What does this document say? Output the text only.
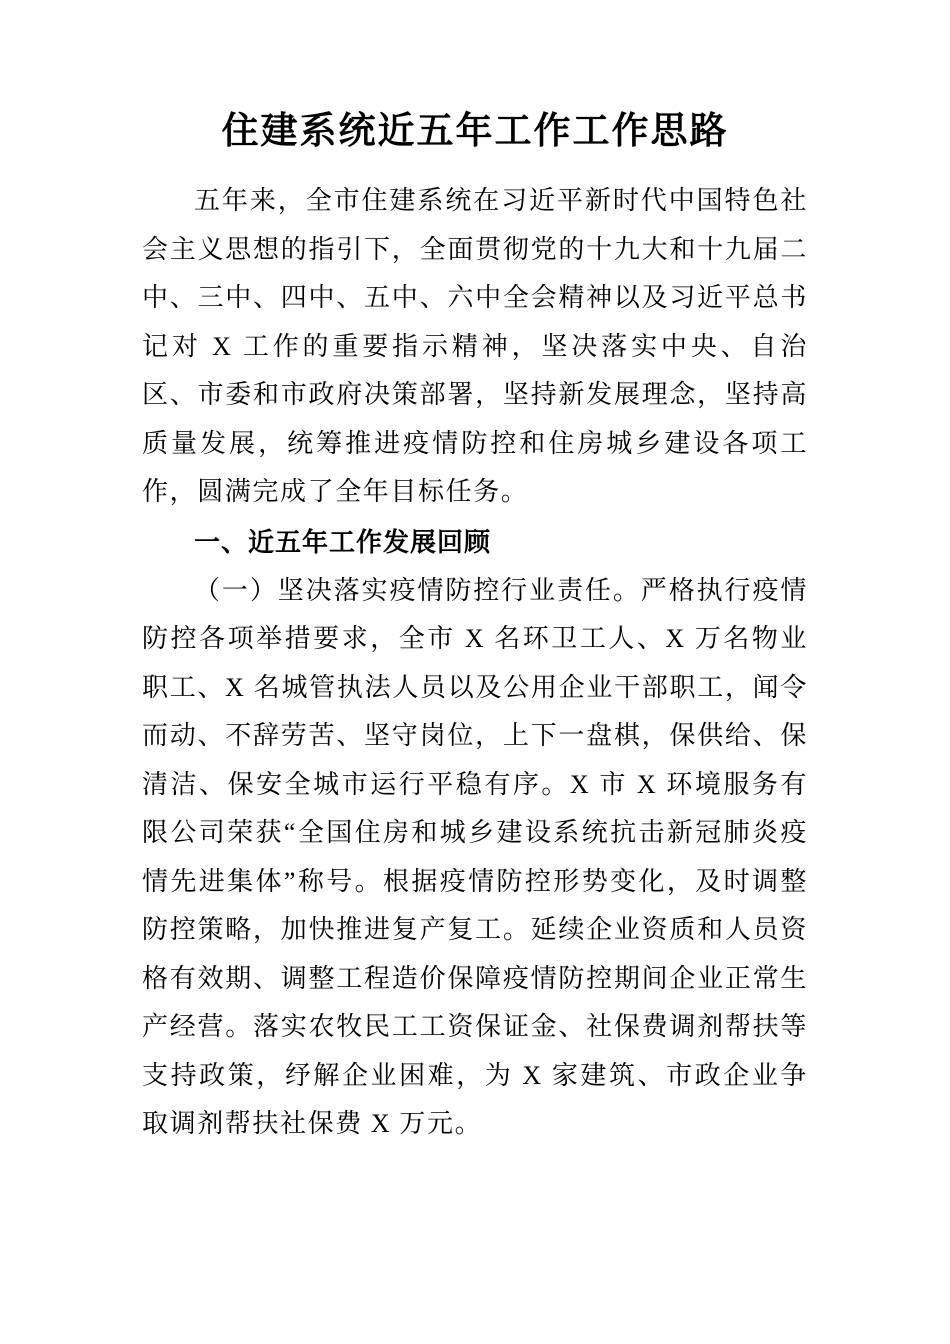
住建系统近五年工作工作思路

五年来，全市住建系统在习近平新时代中国特色社会主义思想的指引下，全面贯彻党的十九大和十九届二中、三中、四中、五中、六中全会精神以及习近平总书记对 X 工作的重要指示精神，坚决落实中央、自治区、市委和市政府决策部署，坚持新发展理念，坚持高质量发展，统筹推进疫情防控和住房城乡建设各项工作，圆满完成了全年目标任务。

一、近五年工作发展回顾

（一）坚决落实疫情防控行业责任。严格执行疫情防控各项举措要求，全市 X 名环卫工人、X 万名物业职工、X 名城管执法人员以及公用企业干部职工，闻令而动、不辞劳苦、坚守岗位，上下一盘棋，保供给、保清洁、保安全城市运行平稳有序。X 市 X 环境服务有限公司荣获“全国住房和城乡建设系统抗击新冠肺炎疫情先进集体”称号。根据疫情防控形势变化，及时调整防控策略，加快推进复产复工。延续企业资质和人员资格有效期、调整工程造价保障疫情防控期间企业正常生产经营。落实农牧民工工资保证金、社保费调剂帮扶等支持政策，纾解企业困难，为 X 家建筑、市政企业争取调剂帮扶社保费 X 万元。
